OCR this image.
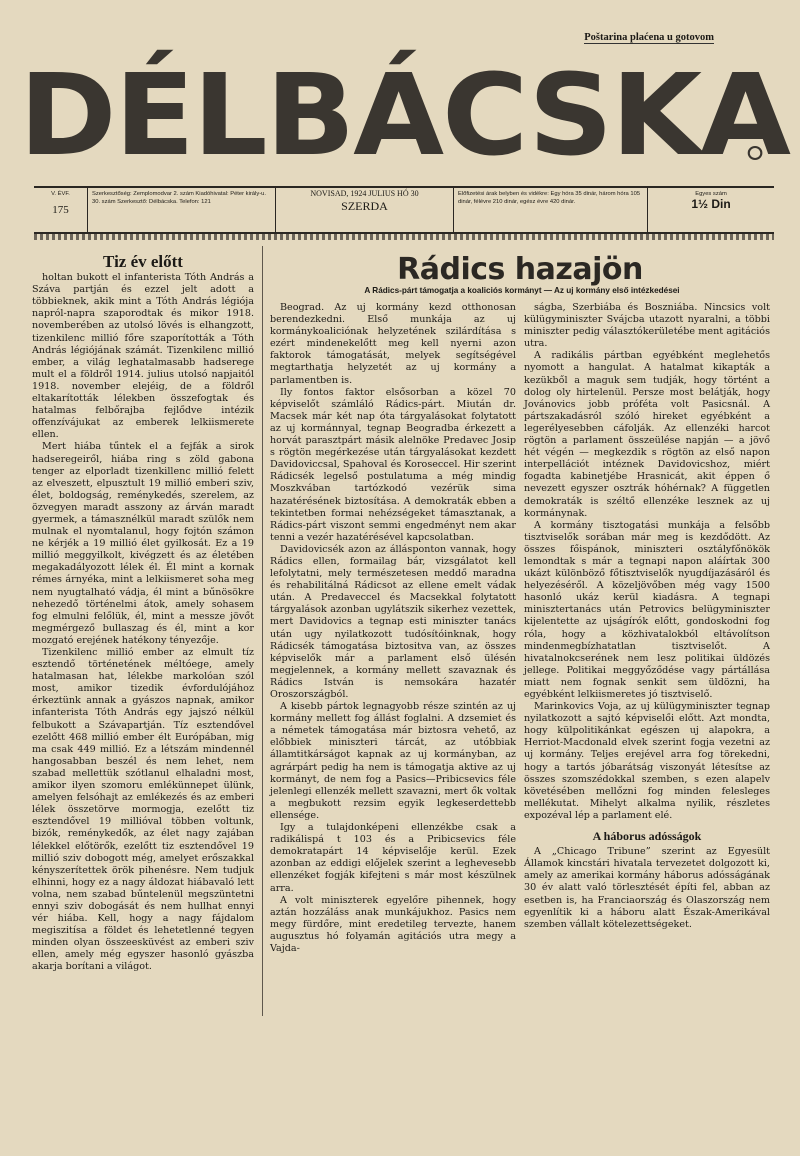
Poštarina plaćena u gotovom
DÉLBÁCSKA
V. ÉVF.
175
Szerkesztőség: Zemplomodvar 2. szám Kiadóhivatal: Péter király-u. 30. szám Szerkesztő: Délbácska. Telefon: 121
NOVISAD, 1924 JULIUS HÓ 30
SZERDA
Előfizetési árak belyben és vidékre: Egy hóra 35 dinár, három hóra 105 dinár, félévre 210 dinár, egész évre 420 dinár.
Egyes szám
1½ Din
Tiz év előtt

holtan bukott el infanterista Tóth András a Száva partján és ezzel jelt adott a többieknek, akik mint a Tóth András légiója napról-napra szaporodtak és mikor 1918. novemberében az utolsó lövés is elhangzott, tizenkilenc millió főre szaporították a Tóth András légiójának számát. Tizenkilenc millió ember, a világ leghatalmasabb hadserege mult el a földről 1914. julius utolsó napjaitól 1918. november elejéig, de a földről eltakarították lélekben összefogtak és hatalmas felbőrajba fejlődve intézik offenzívájukat az emberek lelkiismerete ellen.

Mert hiába tűntek el a fejfák a sirok hadseregeiről, hiába ring s zöld gabona tenger az elporladt tizenkillenc millió felett az elveszett, elpusztult 19 millió emberi sziv, élet, boldogság, reménykedés, szerelem, az özvegyen maradt asszony az árván maradt gyermek, a támasznélkül maradt szülők nem mulnak el nyomtalanul, hogy fojtón számon ne kérjék a 19 millió élet gyilkosát. Ez a 19 millió meggyilkolt, kivégzett és az életében megakadályozott lélek él. Él mint a kornak rémes árnyéka, mint a lelkiismeret soha meg nem nyugtalható vádja, él mint a bűnösökre nehezedő történelmi átok, amely sohasem fog elmulni felőlük, él, mint a messze jövőt megmérgező bullaszag és él, mint a kor mozgató erejének hatékony tényezője.

Tizenkilenc millió ember az elmult tíz esztendő történetének méltóege, amely hatalmasan hat, lélekbe markolóan szól most, amikor tizedik évfordulójához érkeztünk annak a gyászos napnak, amikor infanterista Tóth András egy jajszó nélkül felbukott a Szávapartján. Tíz esztendővel ezelőtt 468 millió ember élt Európában, mig ma csak 449 millió. Ez a létszám mindennél hangosabban beszél és nem lehet, nem szabad mellettük szótlanul elhaladni most, amikor ilyen szomoru emlékünnepet ülünk, amelyen felsóhajt az emlékezés és az emberi lélek összetörve mormogja, ezelőtt tiz esztendővel 19 millióval többen voltunk, bizók, reménykedők, az élet nagy zajában lélekkel előtörők, ezelőtt tiz esztendővel 19 millió sziv dobogott még, amelyet erőszakkal kényszerítettek örök pihenésre. Nem tudjuk elhinni, hogy ez a nagy áldozat hiábavaló lett volna, nem szabad bűntelenül megszüntetni ennyi sziv dobogását és nem hullhat ennyi vér hiába. Kell, hogy a nagy fájdalom megiszitísa a földet és lehetetlenné tegyen minden olyan összeesküvést az emberi sziv ellen, amely még egyszer hasonló gyászba akarja borítani a világot.

Rádics hazajön
A Rádics-párt támogatja a koaliciós kormányt — Az uj kormány első intézkedései

Beograd. Az uj kormány kezd otthonosan berendezkedni. Első munkája az uj kormánykoaliciónak helyzetének szilárdítása s ezért mindenekelőtt meg kell nyerni azon faktorok támogatását, melyek segítségével megtarthatja helyzetét az uj kormány a parlamentben is.

Ily fontos faktor elsősorban a közel 70 képviselőt számláló Rádics-párt. Miután dr. Macsek már két nap óta tárgyalásokat folytatott az uj kormánnyal, tegnap Beogradba érkezett a horvát parasztpárt másik alelnöke Predavec Josip s rögtön megérkezése után tárgyalásokat kezdett Davidoviccsal, Spahoval és Koroseccel. Hir szerint Rádicsék legelső postulatuma a még mindig Moszkvában tartózkodó vezérük sima hazatérésének biztosítása. A demokraták ebben a tekintetben formai nehézségeket támasztanak, a Rádics-párt viszont semmi engedményt nem akar tenni a vezér hazatérésével kapcsolatban.

Davidovicsék azon az állásponton vannak, hogy Rádics ellen, formailag bár, vizsgálatot kell lefolytatni, mely természetesen meddő maradna és rehabilitálná Rádicsot az ellene emelt vádak után. A Predaveccel és Macsekkal folytatott tárgyalások azonban ugylátszik sikerhez vezettek, mert Davidovics a tegnap esti miniszter tanács után ugy nyilatkozott tudósítóinknak, hogy Rádicsék támogatása biztositva van, az összes képviselők már a parlament első ülésén megjelennek, a kormány mellett szavaznak és Rádics István is nemsokára hazatér Oroszországból.

A kisebb pártok legnagyobb része szintén az uj kormány mellett fog állást foglalni. A dzsemiet és a németek támogatása már biztosra vehető, az előbbiek miniszteri tárcát, az utóbbiak államtitkárságot kapnak az uj kormányban, az agrárpárt pedig ha nem is támogatja aktive az uj kormányt, de nem fog a Pasics—Pribicsevics féle jelenlegi ellenzék mellett szavazni, mert ők voltak a megbukott rezsim egyik legkeserdettebb ellensége.

Igy a tulajdonképeni ellenzékbe csak a radikálispá t 103 és a Pribicsevics féle demokratapárt 14 képviselője kerül. Ezek azonban az eddigi előjelek szerint a leghevesebb ellenzéket fogják kifejteni s már most készülnek arra.

A volt miniszterek egyelőre pihennek, hogy aztán hozzáláss anak munkájukhoz. Pasics nem megy fürdőre, mint eredetileg tervezte, hanem augusztus hó folyamán agitációs utra megy a Vajda-

ságba, Szerbiába és Boszniába. Nincsics volt külügyminiszter Svájcba utazott nyaralni, a többi miniszter pedig választókerületébe ment agitációs utra.

A radikális pártban egyébként meglehetős nyomott a hangulat. A hatalmat kikapták a kezükből a maguk sem tudják, hogy történt a dolog oly hirtelenül. Persze most belátják, hogy Jovánovics jobb próféta volt Pasicsnál. A pártszakadásról szóló hireket egyébként a legerélyesebben cáfolják. Az ellenzéki harcot rögtön a parlament összeülése napján — a jövő hét végén — megkezdik s rögtön az első napon interpellációt intéznek Davidovicshoz, miért fogadta kabinetjébe Hrasnicát, akit éppen ő nevezett egyszer osztrák hóhérnak? A független demokraták is széltő ellenzéke lesznek az uj kormánynak.

A kormány tisztogatási munkája a felsőbb tisztviselők sorában már meg is kezdődött. Az összes főispánok, miniszteri osztályfőnökök lemondtak s már a tegnapi napon aláírtak 300 ukázt különböző főtisztviselők nyugdíjazásáról és helyezéséről. A közeljövőben még vagy 1500 hasonló ukáz kerül kiadásra. A tegnapi minisztertanács után Petrovics belügyminiszter kijelentette az ujságírók előtt, gondoskodni fog róla, hogy a közhivatalokból eltávolítson mindenmegbízhatatlan tisztviselőt. A hivatalnokcserének nem lesz politikai üldözés jellege. Politikai meggyőződése vagy pártállása miatt nem fognak senkit sem üldözni, ha egyébként lelkiismeretes jó tisztviselő.

Marinkovics Voja, az uj külügyminiszter tegnap nyilatkozott a sajtó képviselői előtt. Azt mondta, hogy külpolitikánkat egészen uj alapokra, a Herriot-Macdonald elvek szerint fogja vezetni az uj kormány. Teljes erejével arra fog törekedni, hogy a tartós jóbarátság viszonyát létesítse az összes szomszédokkal szemben, s ezen alapelv követésében mellőzni fog minden felesleges mellékutat. Mihelyt alkalma nyilik, részletes expozéval lép a parlament elé.

A háborus adósságok

A „Chicago Tribune” szerint az Egyesült Államok kincstári hivatala tervezetet dolgozott ki, amely az amerikai kormány háborus adósságának 30 év alatt való törlesztését építi fel, abban az esetben is, ha Franciaország és Olaszország nem egyenlítik ki a háboru alatt Észak-Amerikával szemben vállalt kötelezettségeket.
